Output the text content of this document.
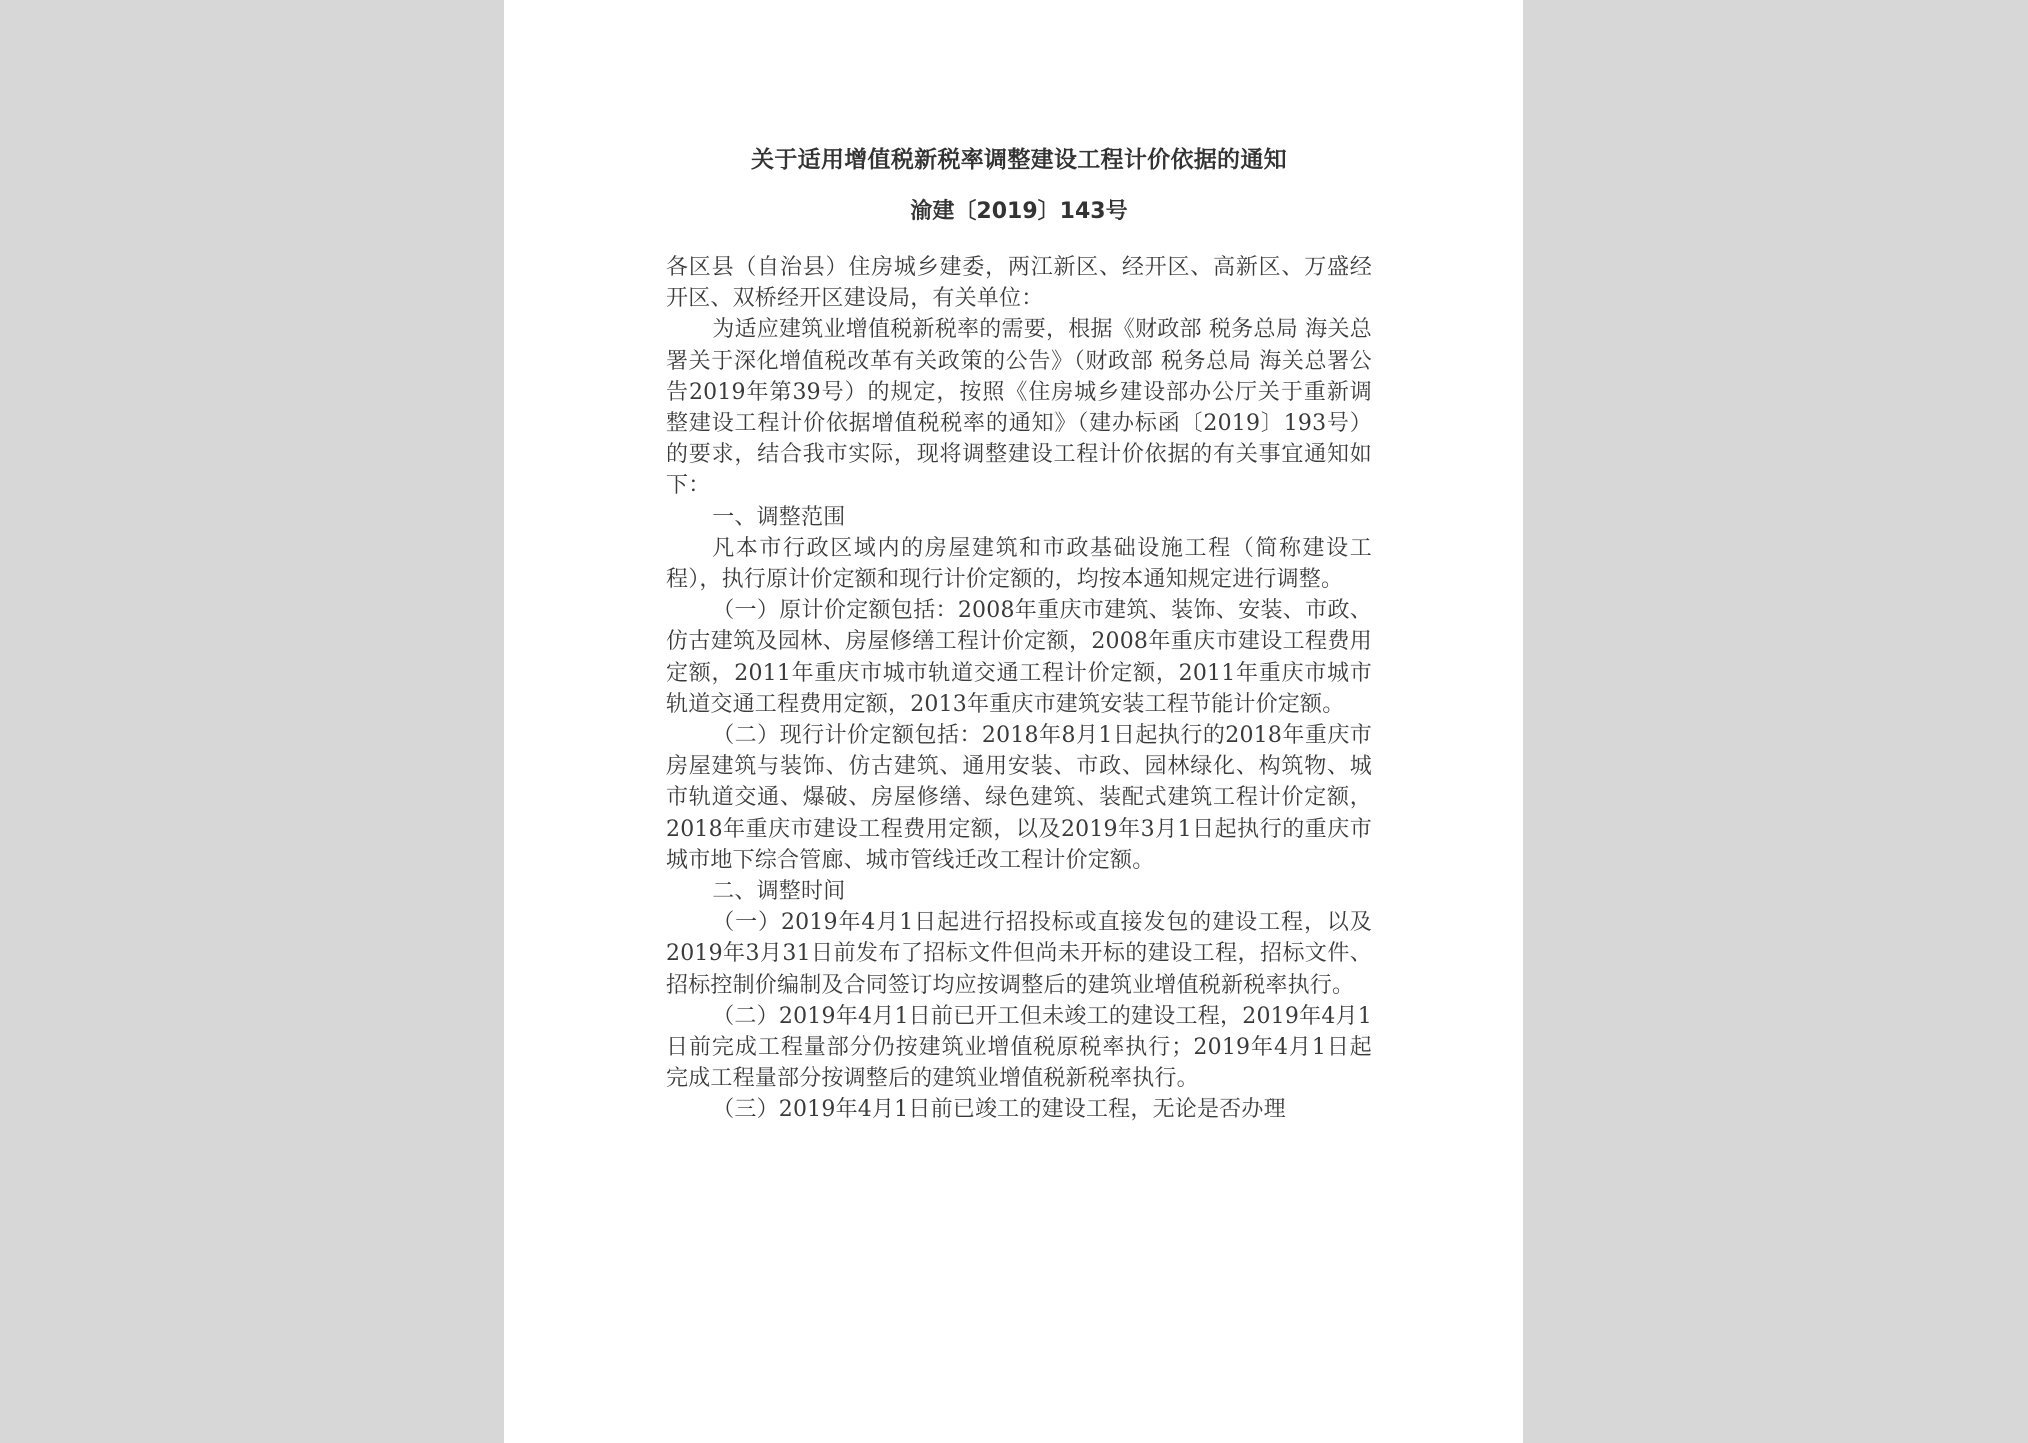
关于适用增值税新税率调整建设工程计价依据的通知
渝建〔2019〕143号

各区县（自治县）住房城乡建委，两江新区、经开区、高新区、万盛经开区、双桥经开区建设局，有关单位：

为适应建筑业增值税新税率的需要，根据《财政部 税务总局 海关总署关于深化增值税改革有关政策的公告》（财政部 税务总局 海关总署公告2019年第39号）的规定，按照《住房城乡建设部办公厅关于重新调整建设工程计价依据增值税税率的通知》（建办标函〔2019〕193号）的要求，结合我市实际，现将调整建设工程计价依据的有关事宜通知如下：

一、调整范围

凡本市行政区域内的房屋建筑和市政基础设施工程（简称建设工程），执行原计价定额和现行计价定额的，均按本通知规定进行调整。

（一）原计价定额包括：2008年重庆市建筑、装饰、安装、市政、仿古建筑及园林、房屋修缮工程计价定额，2008年重庆市建设工程费用定额，2011年重庆市城市轨道交通工程计价定额，2011年重庆市城市轨道交通工程费用定额，2013年重庆市建筑安装工程节能计价定额。

（二）现行计价定额包括：2018年8月1日起执行的2018年重庆市房屋建筑与装饰、仿古建筑、通用安装、市政、园林绿化、构筑物、城市轨道交通、爆破、房屋修缮、绿色建筑、装配式建筑工程计价定额，2018年重庆市建设工程费用定额，以及2019年3月1日起执行的重庆市城市地下综合管廊、城市管线迁改工程计价定额。

二、调整时间

（一）2019年4月1日起进行招投标或直接发包的建设工程，以及2019年3月31日前发布了招标文件但尚未开标的建设工程，招标文件、招标控制价编制及合同签订均应按调整后的建筑业增值税新税率执行。

（二）2019年4月1日前已开工但未竣工的建设工程，2019年4月1日前完成工程量部分仍按建筑业增值税原税率执行；2019年4月1日起完成工程量部分按调整后的建筑业增值税新税率执行。

（三）2019年4月1日前已竣工的建设工程，无论是否办理
